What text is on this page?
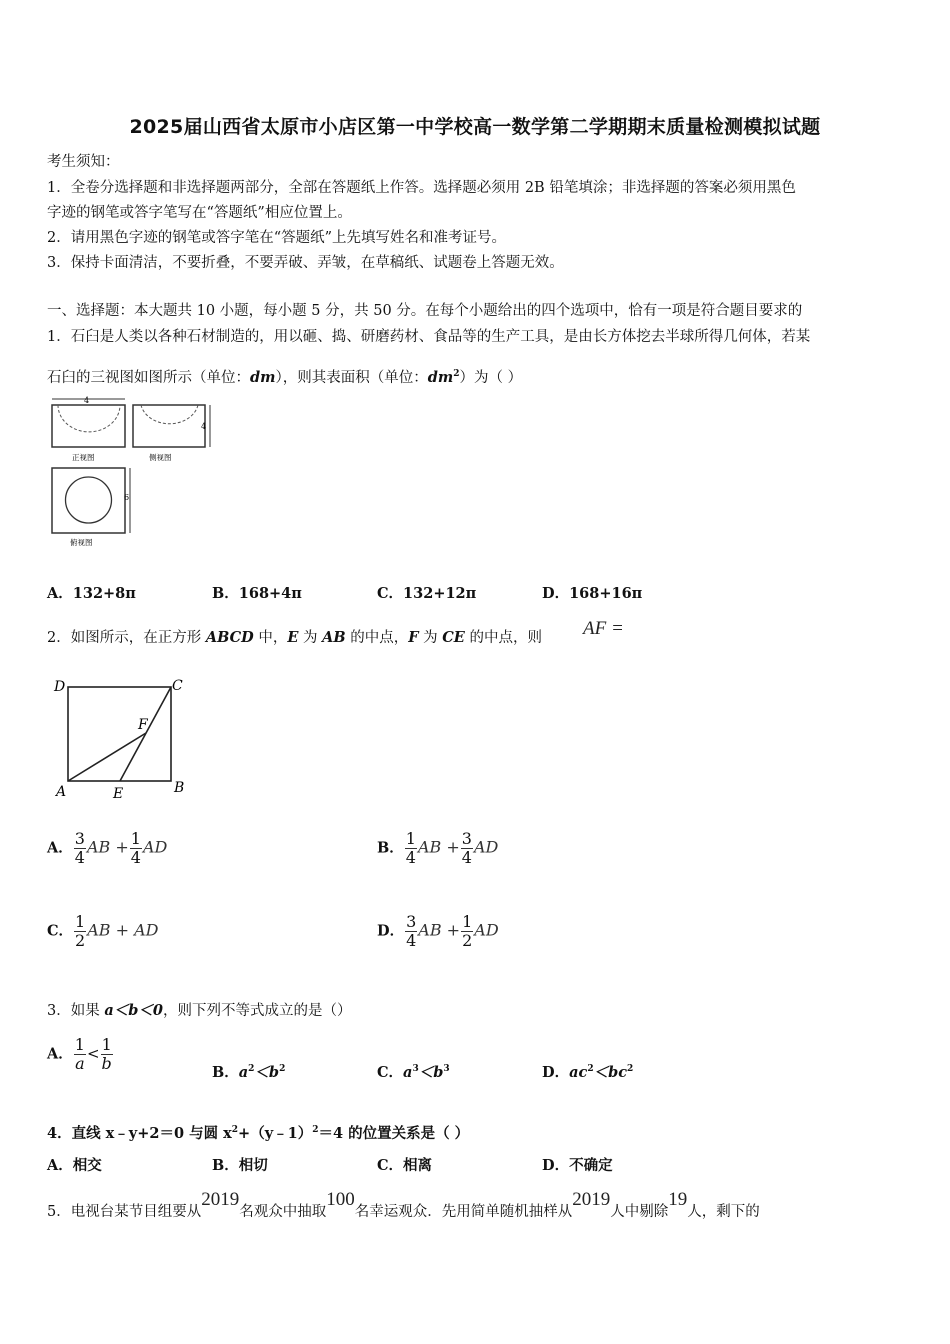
2025届山西省太原市小店区第一中学校高一数学第二学期期末质量检测模拟试题
考生须知：
1．全卷分选择题和非选择题两部分，全部在答题纸上作答。选择题必须用 2B 铅笔填涂；非选择题的答案必须用黑色
字迹的钢笔或答字笔写在“答题纸”相应位置上。
2．请用黑色字迹的钢笔或答字笔在“答题纸”上先填写姓名和准考证号。
3．保持卡面清洁，不要折叠，不要弄破、弄皱，在草稿纸、试题卷上答题无效。
一、选择题：本大题共 10 小题，每小题 5 分，共 50 分。在每个小题给出的四个选项中，恰有一项是符合题目要求的
1．石臼是人类以各种石材制造的，用以砸、捣、研磨药材、食品等的生产工具，是由长方体挖去半球所得几何体，若某
石臼的三视图如图所示（单位：dm），则其表面积（单位：$dm^2$）为（ ）
4
正视图
4
侧视图
6
俯视图
A．132+8π	B．168+4π	C．132+12π	D．168+16π
2．如图所示，在正方形 ABCD 中，E 为 AB 的中点，F 为 CE 的中点，则 AF =
D	C
F
A	E	B
A． $\frac{3}{4}$ AB + $\frac{1}{4}$ AD	B． $\frac{1}{4}$ AB + $\frac{3}{4}$ AD
C． $\frac{1}{2}$ AB + AD	D． $\frac{3}{4}$ AB + $\frac{1}{2}$ AD
3．如果 a＜b＜0，则下列不等式成立的是（）
A． $\frac{1}{a} < \frac{1}{b}$	B．$a^2<b^2$	C．$a^3<b^3$	D．$ac^2<bc^2$
4．直线 x﹣y+2＝0 与圆 $x^2+(y﹣1)^2=4$ 的位置关系是（ ）
A．相交	B．相切	C．相离	D．不确定
5．电视台某节目组要从2019名观众中抽取100名幸运观众．先用简单随机抽样从2019人中剔除19人，剩下的
